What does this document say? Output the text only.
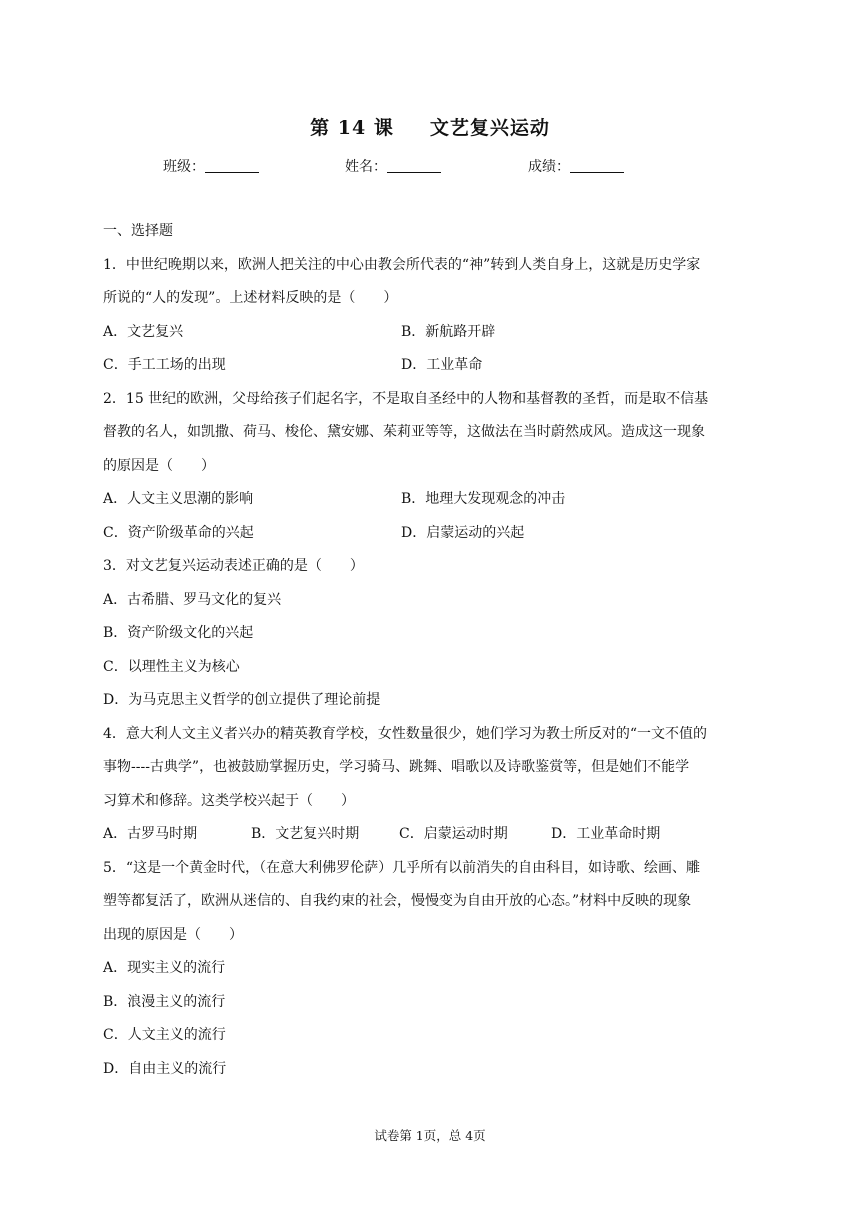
第 14 课 文艺复兴运动
班级：	姓名：	成绩：
一、选择题
1．中世纪晚期以来，欧洲人把关注的中心由教会所代表的“神”转到人类自身上，这就是历史学家
所说的“人的发现”。上述材料反映的是（　　）
A．文艺复兴	B．新航路开辟
C．手工工场的出现	D．工业革命
2．15 世纪的欧洲，父母给孩子们起名字，不是取自圣经中的人物和基督教的圣哲，而是取不信基
督教的名人，如凯撒、荷马、梭伦、黛安娜、茱莉亚等等，这做法在当时蔚然成风。造成这一现象
的原因是（　　）
A．人文主义思潮的影响	B．地理大发现观念的冲击
C．资产阶级革命的兴起	D．启蒙运动的兴起
3．对文艺复兴运动表述正确的是（　　）
A．古希腊、罗马文化的复兴
B．资产阶级文化的兴起
C．以理性主义为核心
D．为马克思主义哲学的创立提供了理论前提
4．意大利人文主义者兴办的精英教育学校，女性数量很少，她们学习为教士所反对的“一文不值的
事物----古典学”，也被鼓励掌握历史，学习骑马、跳舞、唱歌以及诗歌鉴赏等，但是她们不能学
习算术和修辞。这类学校兴起于（　　）
A．古罗马时期	B．文艺复兴时期	C．启蒙运动时期	D．工业革命时期
5．“这是一个黄金时代，（在意大利佛罗伦萨）几乎所有以前消失的自由科目，如诗歌、绘画、雕
塑等都复活了，欧洲从迷信的、自我约束的社会，慢慢变为自由开放的心态。”材料中反映的现象
出现的原因是（　　）
A．现实主义的流行
B．浪漫主义的流行
C．人文主义的流行
D．自由主义的流行
试卷第 1页，总 4页
